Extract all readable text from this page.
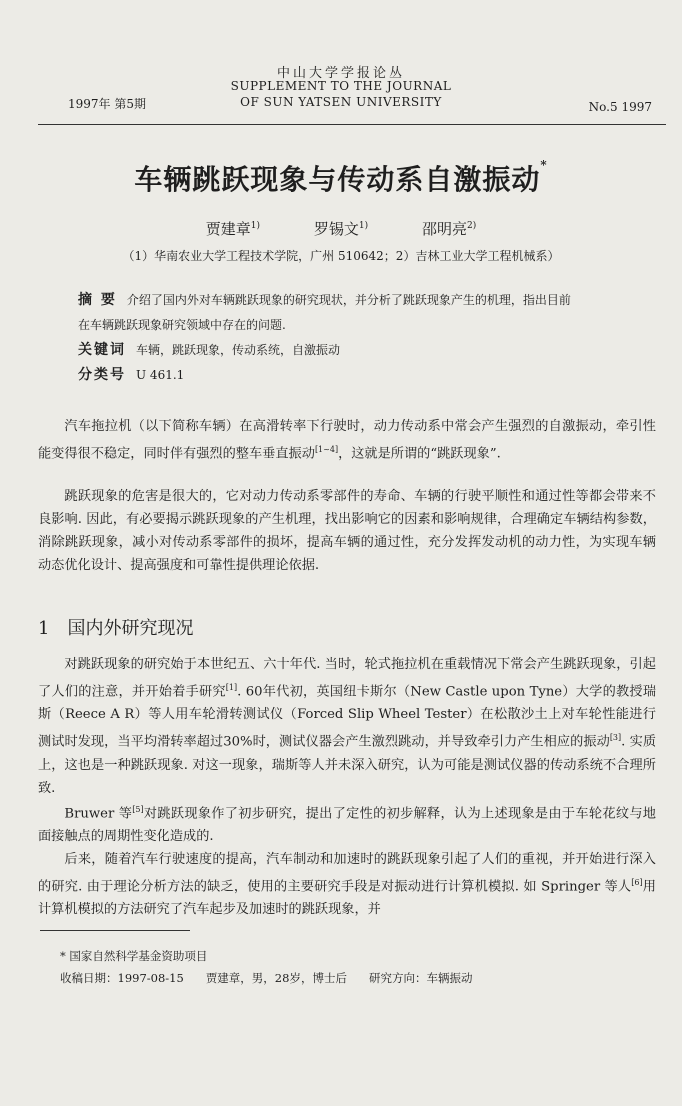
中山大学学报论丛
SUPPLEMENT TO THE JOURNAL
OF SUN YATSEN UNIVERSITY
1997年 第5期	No.5 1997
车辆跳跃现象与传动系自激振动*
贾建章$^{1)}$	罗锡文$^{1)}$	邵明亮$^{2)}$
（1）华南农业大学工程技术学院，广州 510642；2）吉林工业大学工程机械系）
摘 要 介绍了国内外对车辆跳跃现象的研究现状，并分析了跳跃现象产生的机理，指出目前
在车辆跳跃现象研究领域中存在的问题.
关键词 车辆，跳跃现象，传动系统，自激振动
分类号 U 461.1
汽车拖拉机（以下简称车辆）在高滑转率下行驶时，动力传动系中常会产生强烈的自激振动，牵引性能变得很不稳定，同时伴有强烈的整车垂直振动[1~4]，这就是所谓的“跳跃现象”.
跳跃现象的危害是很大的，它对动力传动系零部件的寿命、车辆的行驶平顺性和通过性等都会带来不良影响. 因此，有必要揭示跳跃现象的产生机理，找出影响它的因素和影响规律，合理确定车辆结构参数，消除跳跃现象，减小对传动系零部件的损坏，提高车辆的通过性，充分发挥发动机的动力性，为实现车辆动态优化设计、提高强度和可靠性提供理论依据.
1 国内外研究现况
对跳跃现象的研究始于本世纪五、六十年代. 当时，轮式拖拉机在重载情况下常会产生跳跃现象，引起了人们的注意，并开始着手研究[1]. 60年代初，英国纽卡斯尔（New Castle upon Tyne）大学的教授瑞斯（Reece A R）等人用车轮滑转测试仪（Forced Slip Wheel Tester）在松散沙土上对车轮性能进行测试时发现，当平均滑转率超过30%时，测试仪器会产生激烈跳动，并导致牵引力产生相应的振动[3]. 实质上，这也是一种跳跃现象. 对这一现象，瑞斯等人并未深入研究，认为可能是测试仪器的传动系统不合理所致.
Bruwer 等[5]对跳跃现象作了初步研究，提出了定性的初步解释，认为上述现象是由于车轮花纹与地面接触点的周期性变化造成的.
后来，随着汽车行驶速度的提高，汽车制动和加速时的跳跃现象引起了人们的重视，并开始进行深入的研究. 由于理论分析方法的缺乏，使用的主要研究手段是对振动进行计算机模拟. 如 Springer 等人[6]用计算机模拟的方法研究了汽车起步及加速时的跳跃现象，并
* 国家自然科学基金资助项目
收稿日期：1997-08-15 贾建章，男，28岁，博士后 研究方向：车辆振动
